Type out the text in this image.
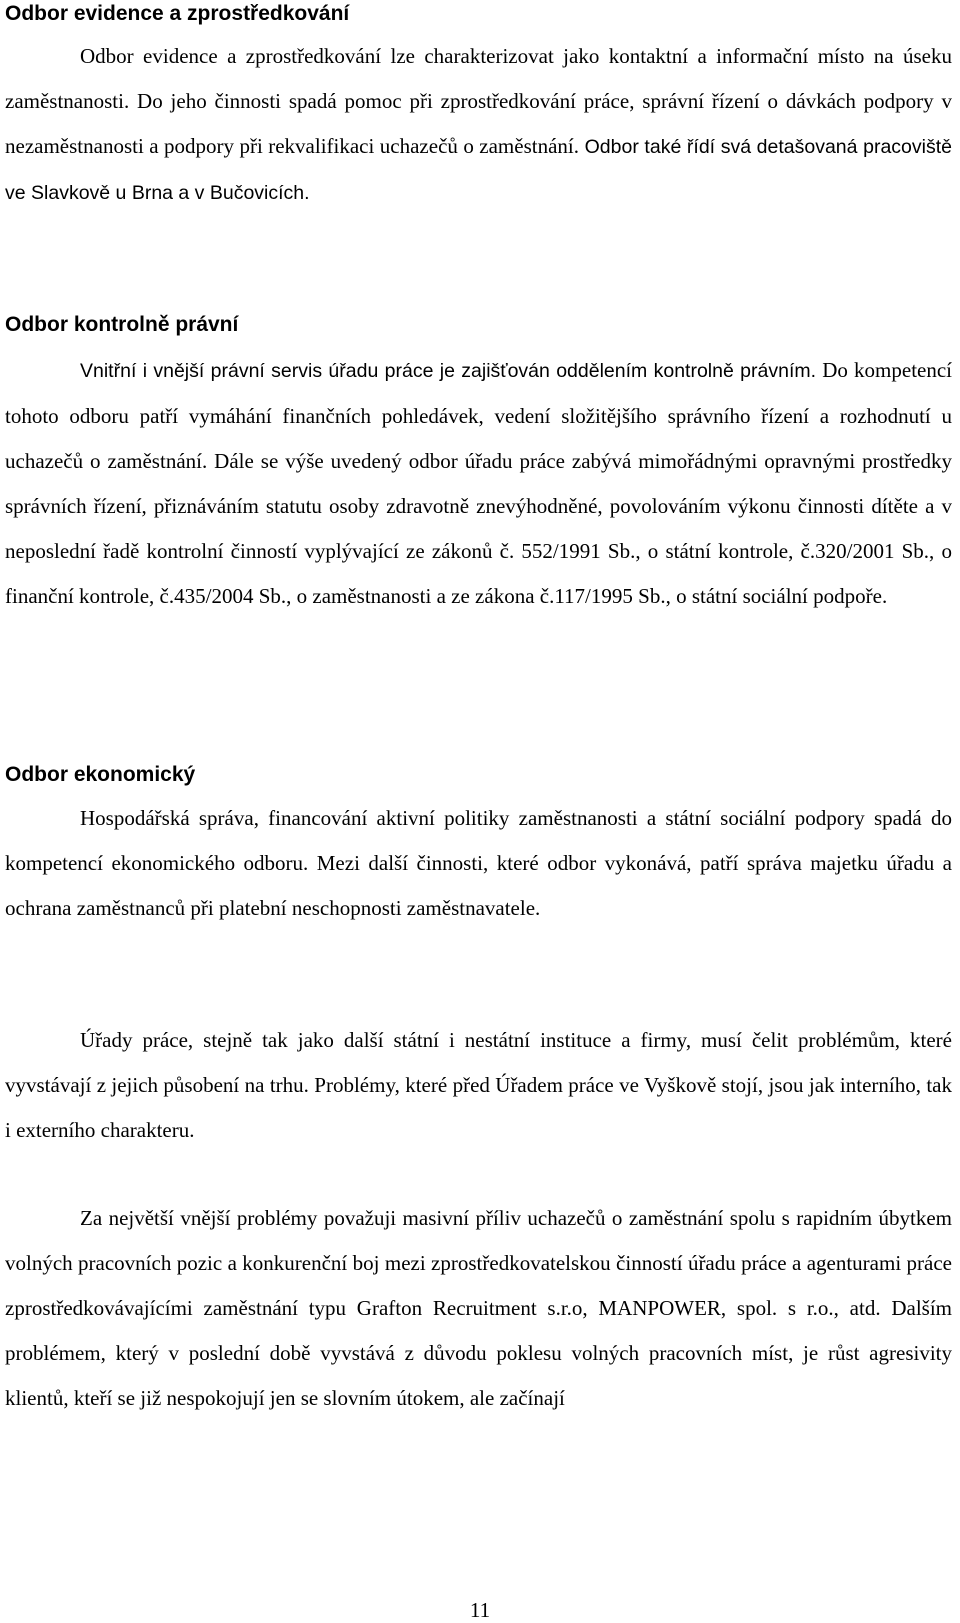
Odbor evidence a zprostředkování

Odbor evidence a zprostředkování lze charakterizovat jako kontaktní a informační místo na úseku zaměstnanosti. Do jeho činnosti spadá pomoc při zprostředkování práce, správní řízení o dávkách podpory v nezaměstnanosti a podpory při rekvalifikaci uchazečů o zaměstnání. Odbor také řídí svá detašovaná pracoviště ve Slavkově u Brna a v Bučovicích.

Odbor kontrolně právní

Vnitřní i vnější právní servis úřadu práce je zajišťován oddělením kontrolně právním. Do kompetencí tohoto odboru patří vymáhání finančních pohledávek, vedení složitějšího správního řízení a rozhodnutí u uchazečů o zaměstnání. Dále se výše uvedený odbor úřadu práce zabývá mimořádnými opravnými prostředky správních řízení, přiznáváním statutu osoby zdravotně znevýhodněné, povolováním výkonu činnosti dítěte a v neposlední řadě kontrolní činností vyplývající ze zákonů č. 552/1991 Sb., o státní kontrole, č.320/2001 Sb., o finanční kontrole, č.435/2004 Sb., o zaměstnanosti a ze zákona č.117/1995 Sb., o státní sociální podpoře.

Odbor ekonomický

Hospodářská správa, financování aktivní politiky zaměstnanosti a státní sociální podpory spadá do kompetencí ekonomického odboru. Mezi další činnosti, které odbor vykonává, patří správa majetku úřadu a ochrana zaměstnanců při platební neschopnosti zaměstnavatele.

Úřady práce, stejně tak jako další státní i nestátní instituce a firmy, musí čelit problémům, které vyvstávají z jejich působení na trhu. Problémy, které před Úřadem práce ve Vyškově stojí, jsou jak interního, tak i externího charakteru.

Za největší vnější problémy považuji masivní příliv uchazečů o zaměstnání spolu s rapidním úbytkem volných pracovních pozic a konkurenční boj mezi zprostředkovatelskou činností úřadu práce a agenturami práce zprostředkovávajícími zaměstnání typu Grafton Recruitment s.r.o, MANPOWER, spol. s r.o., atd. Dalším problémem, který v poslední době vyvstává z důvodu poklesu volných pracovních míst, je růst agresivity klientů, kteří se již nespokojují jen se slovním útokem, ale začínají

11
